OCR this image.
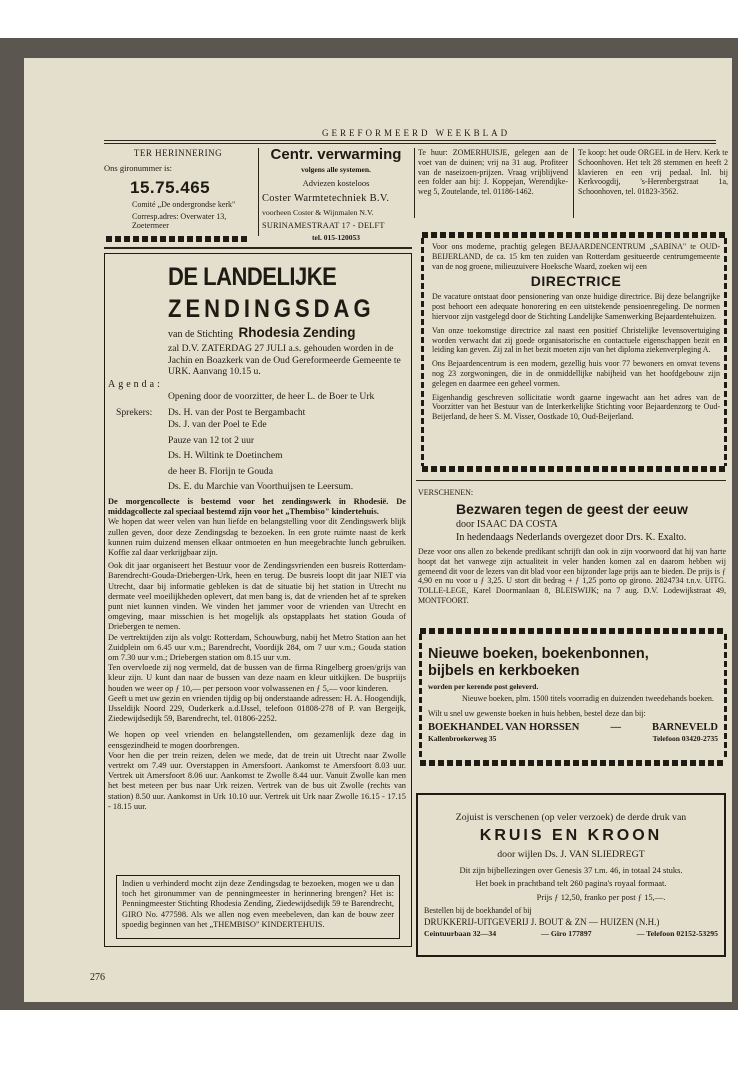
GEREFORMEERD WEEKBLAD

TER HERINNERING

Ons gironummer is:

15.75.465

Comité „De ondergrondse kerk"

Corresp.adres: Overwater 13,

Zoetermeer

Centr. verwarming

volgens alle systemen.

Adviezen kosteloos

Coster Warmtetechniek B.V.

voorheen Coster & Wijnmalen N.V.

SURINAMESTRAAT 17 - DELFT

tel. 015-120053

Te huur: ZOMERHUISJE, gelegen aan de voet van de duinen; vrij na 31 aug. Profiteer van de naseizoen-prijzen. Vraag vrijblijvend een folder aan bij: J. Koppejan, Werendijke-weg 5, Zoutelande, tel. 01186-1462.
Te koop: het oude ORGEL in de Herv. Kerk te Schoonhoven. Het telt 28 stemmen en heeft 2 klavieren en een vrij pedaal. Inl. bij Kerkvoogdij, 's-Herenbergstraat 1a, Schoonhoven, tel. 01823-3562.

Voor ons moderne, prachtig gelegen BEJAARDENCENTRUM „SABINA" te OUD-BEIJERLAND, de ca. 15 km ten zuiden van Rotterdam gesitueerde centrumgemeente van de nog groene, milieuzuivere Hoeksche Waard, zoeken wij een

DIRECTRICE

De vacature ontstaat door pensionering van onze huidige directrice. Bij deze belangrijke post behoort een adequate honorering en een uitstekende pensioenregeling. De normen hiervoor zijn vastgelegd door de Stichting Landelijke Samenwerking Bejaardentehuizen.

Van onze toekomstige directrice zal naast een positief Christelijke levensovertuiging worden verwacht dat zij goede organisatorische en contactuele eigenschappen bezit en leiding kan geven. Zij zal in het bezit moeten zijn van het diploma ziekenverpleging A.

Ons Bejaardencentrum is een modern, gezellig huis voor 77 bewoners en omvat tevens nog 23 zorgwoningen, die in de onmiddellijke nabijheid van het hoofdgebouw zijn gelegen en daarmee een geheel vormen.

Eigenhandig geschreven sollicitatie wordt gaarne ingewacht aan het adres van de Voorzitter van het Bestuur van de Interkerkelijke Stichting voor Bejaardenzorg te Oud-Beijerland, de heer S. M. Visser, Oostkade 10, Oud-Beijerland.

VERSCHENEN:

Bezwaren tegen de geest der eeuw

door ISAAC DA COSTA

In hedendaags Nederlands overgezet door Drs. K. Exalto.

Deze voor ons allen zo bekende predikant schrijft dan ook in zijn voorwoord dat hij van harte hoopt dat het vanwege zijn actualiteit in veler handen komen zal en daarom hebben wij gemeend dit voor de lezers van dit blad voor een bijzonder lage prijs aan te bieden. De prijs is ƒ 4,90 en nu voor u ƒ 3,25. U stort dit bedrag + ƒ 1,25 porto op girono. 2824734 t.n.v. UITG. TOLLE-LEGE, Karel Doormanlaan 8, BLEISWIJK; na 7 aug. D.V. Lodewijkstraat 49, MONTFOORT.

Nieuwe boeken, boekenbonnen,

bijbels en kerkboeken

worden per kerende post geleverd.

Nieuwe boeken, plm. 1500 titels voorradig en duizenden tweedehands boeken.

Wilt u snel uw gewenste boeken in huis hebben, bestel deze dan bij:

BOEKHANDEL VAN HORSSEN	—	BARNEVELD
Kallenbroekerweg 35	Telefoon 03420-2735

Zojuist is verschenen (op veler verzoek) de derde druk van

KRUIS EN KROON

door wijlen Ds. J. VAN SLIEDREGT

Dit zijn bijbellezingen over Genesis 37 t.m. 46, in totaal 24 stuks.

Het boek in prachtband telt 260 pagina's royaal formaat.

Prijs ƒ 12,50, franko per post ƒ 15,—.

Bestellen bij de boekhandel of bij

DRUKKERIJ-UITGEVERIJ J. BOUT & ZN — HUIZEN (N.H.)

Ceintuurbaan 32—34	— Giro 177897	— Telefoon 02152-53295

DE LANDELIJKE

ZENDINGSDAG

van de Stichting Rhodesia Zending

zal D.V. ZATERDAG 27 JULI a.s. gehouden worden in de Jachin en Boazkerk van de Oud Gereformeerde Gemeente te URK. Aanvang 10.15 u.

Agenda:

Opening door de voorzitter, de heer L. de Boer te Urk

Sprekers:	Ds. H. van der Post te Bergambacht

Ds. J. van der Poel te Ede

Pauze van 12 tot 2 uur

Ds. H. Wiltink te Doetinchem

de heer B. Florijn te Gouda

Ds. E. du Marchie van Voorthuijsen te Leersum.

De morgencollecte is bestemd voor het zendingswerk in Rhodesië. De middagcollecte zal speciaal bestemd zijn voor het „Thembiso" kindertehuis.

We hopen dat weer velen van hun liefde en belangstelling voor dit Zendingswerk blijk zullen geven, door deze Zendingsdag te bezoeken. In een grote ruimte naast de kerk kunnen ruim duizend mensen elkaar ontmoeten en hun meegebrachte lunch gebruiken. Koffie zal daar verkrijgbaar zijn.

Ook dit jaar organiseert het Bestuur voor de Zendingsvrienden een busreis Rotterdam-Barendrecht-Gouda-Driebergen-Urk, heen en terug. De busreis loopt dit jaar NIET via Utrecht, daar bij informatie gebleken is dat de situatie bij het station in Utrecht nu dermate veel moeilijkheden oplevert, dat men bang is, dat de vrienden het af te spreken punt niet kunnen vinden. We vinden het jammer voor de vrienden van Utrecht en omgeving, maar misschien is het mogelijk als opstapplaats het station Gouda of Driebergen te nemen.

De vertrektijden zijn als volgt: Rotterdam, Schouwburg, nabij het Metro Station aan het Zuidplein om 6.45 uur v.m.; Barendrecht, Voordijk 284, om 7 uur v.m.; Gouda station om 7.30 uur v.m.; Driebergen station om 8.15 uur v.m.

Ten overvloede zij nog vermeld, dat de bussen van de firma Ringelberg groen/grijs van kleur zijn. U kunt dan naar de bussen van deze naam en kleur uitkijken. De buspriijs houden we weer op ƒ 10,— per persoon voor volwassenen en ƒ 5,— voor kinderen.

Geeft u met uw gezin en vrienden tijdig op bij onderstaande adressen: H. A. Hoogendijk, IJsseldijk Noord 229, Ouderkerk a.d.IJssel, telefoon 01808-278 of P. van Bergeijk, Ziedewijdsedijk 59, Barendrecht, tel. 01806-2252.

We hopen op veel vrienden en belangstellenden, om gezamenlijk deze dag in eensgezindheid te mogen doorbrengen.

Voor hen die per trein reizen, delen we mede, dat de trein uit Utrecht naar Zwolle vertrekt om 7.49 uur. Overstappen in Amersfoort. Aankomst te Amersfoort 8.03 uur. Vertrek uit Amersfoort 8.06 uur. Aankomst te Zwolle 8.44 uur. Vanuit Zwolle kan men het best meteen per bus naar Urk reizen. Vertrek van de bus uit Zwolle (rechts van station) 8.50 uur. Aankomst in Urk 10.10 uur. Vertrek uit Urk naar Zwolle 16.15 - 17.15 - 18.15 uur.

Indien u verhinderd mocht zijn deze Zendingsdag te bezoeken, mogen we u dan toch het gironummer van de penningmeester in herinnering brengen? Het is: Penningmeester Stichting Rhodesia Zending, Ziedewijdsedijk 59 te Barendrecht, GIRO No. 477598. Als we allen nog even meebeleven, dan kan de bouw zeer spoedig beginnen van het „THEMBISO" KINDERTEHUIS.
276
